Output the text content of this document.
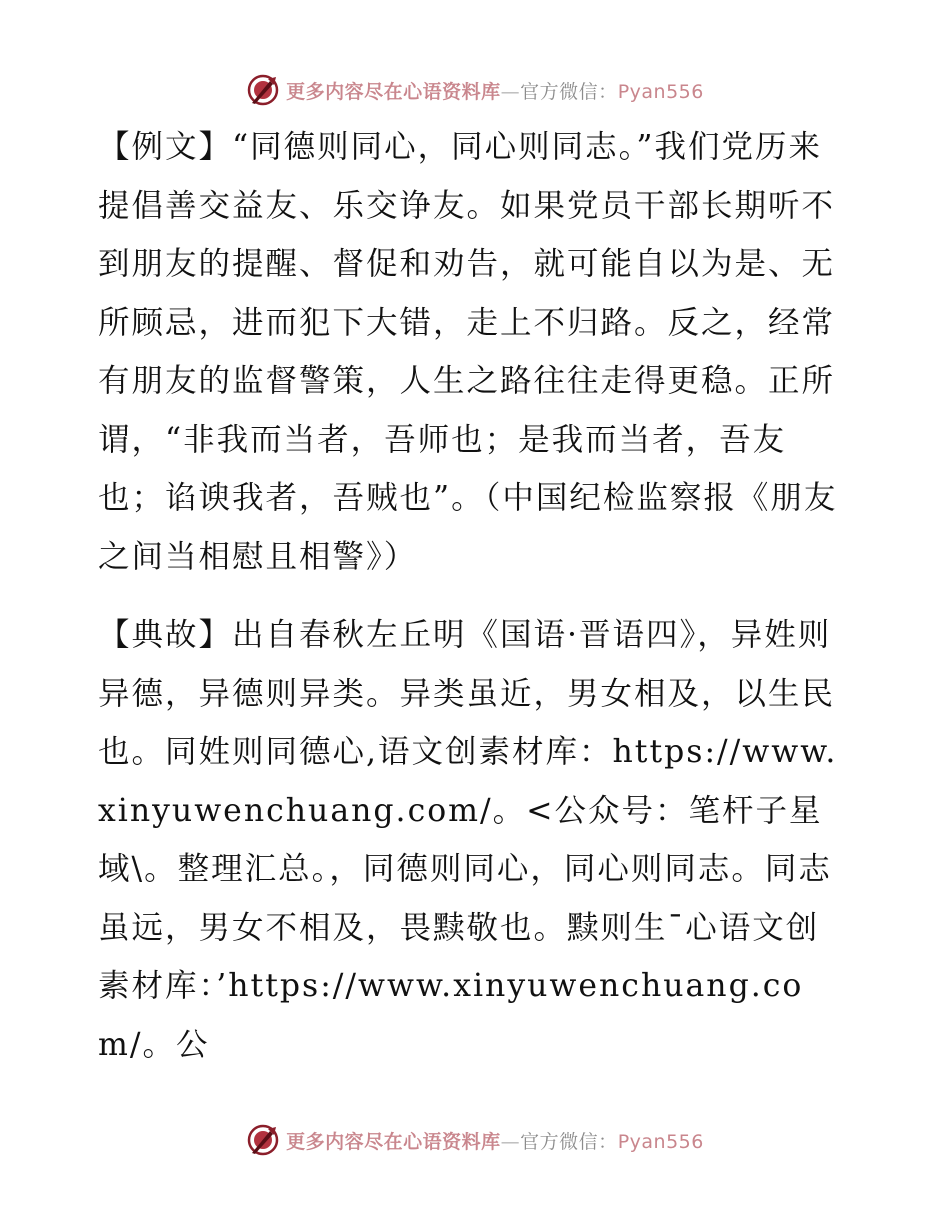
更多内容尽在心语资料库—官方微信：Pyan556

【例文】“同德则同心，同心则同志。”我们党历来提倡善交益友、乐交诤友。如果党员干部长期听不到朋友的提醒、督促和劝告，就可能自以为是、无所顾忌，进而犯下大错，走上不归路。反之，经常有朋友的监督警策，人生之路往往走得更稳。正所谓，“非我而当者，吾师也；是我而当者，吾友也；谄谀我者，吾贼也”。（中国纪检监察报《朋友之间当相慰且相警》）

【典故】出自春秋左丘明《国语·晋语四》，异姓则异德，异德则异类。异类虽近，男女相及，以生民也。同姓则同德心,语文创素材库：https://www.xinyuwenchuang.com/。<公众号：笔杆子星域\。整理汇总。，同德则同心，同心则同志。同志虽远，男女不相及，畏黩敬也。黩则生¯心语文创素材库：’https://www.xinyuwenchuang.com/。公

更多内容尽在心语资料库—官方微信：Pyan556
